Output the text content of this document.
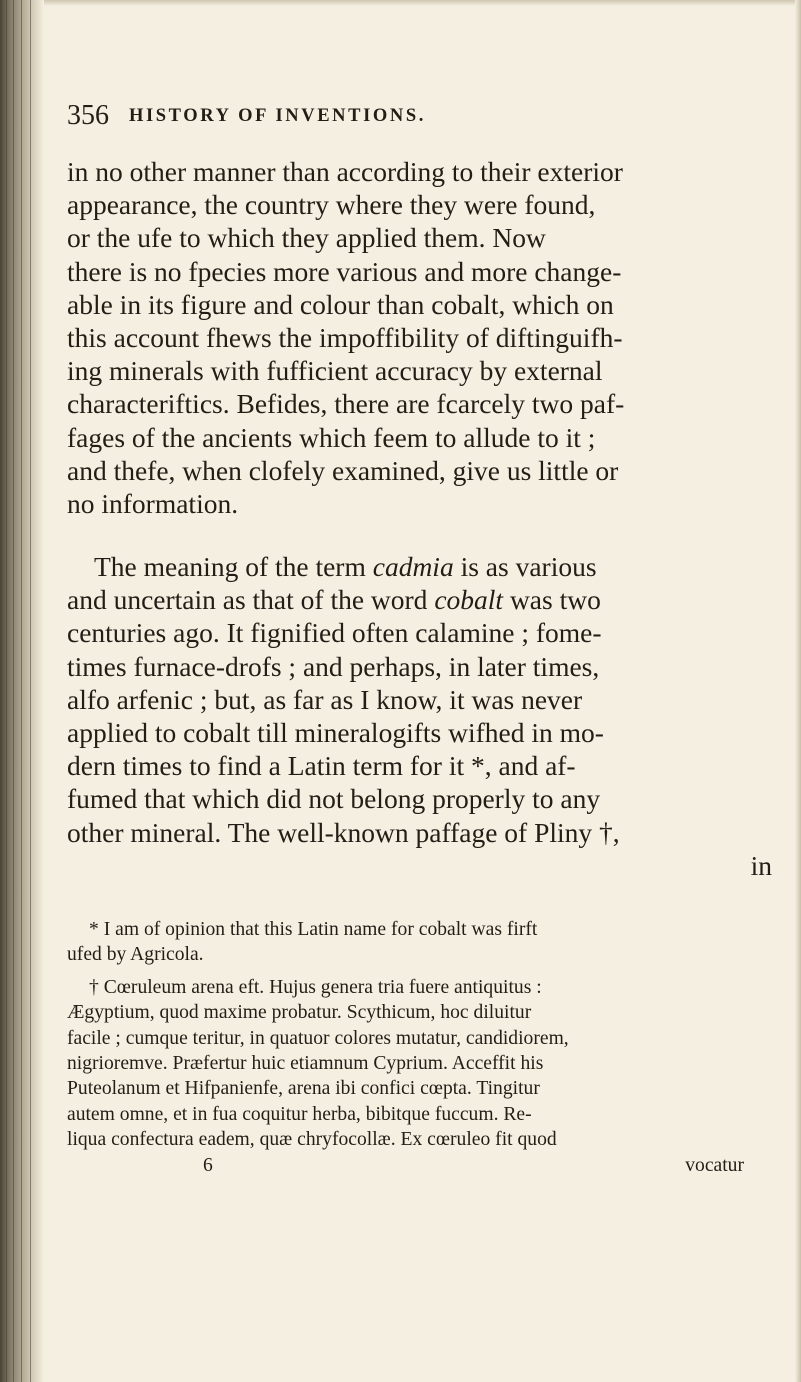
356 HISTORY OF INVENTIONS.
in no other manner than according to their exterior
appearance, the country where they were found,
or the ufe to which they applied them. Now
there is no fpecies more various and more change-
able in its figure and colour than cobalt, which on
this account fhews the impoffibility of diftinguifh-
ing minerals with fufficient accuracy by external
characteriftics. Befides, there are fcarcely two paf-
fages of the ancients which feem to allude to it ;
and thefe, when clofely examined, give us little or
no information.
The meaning of the term cadmia is as various
and uncertain as that of the word cobalt was two
centuries ago. It fignified often calamine ; fome-
times furnace-drofs ; and perhaps, in later times,
alfo arfenic ; but, as far as I know, it was never
applied to cobalt till mineralogifts wifhed in mo-
dern times to find a Latin term for it *, and af-
fumed that which did not belong properly to any
other mineral. The well-known paffage of Pliny †,
in
* I am of opinion that this Latin name for cobalt was firft
ufed by Agricola.
† Cœruleum arena eft. Hujus genera tria fuere antiquitus :
Ægyptium, quod maxime probatur. Scythicum, hoc diluitur
facile ; cumque teritur, in quatuor colores mutatur, candidiorem,
nigrioremve. Præfertur huic etiamnum Cyprium. Acceffit his
Puteolanum et Hifpanienfe, arena ibi confici cœpta. Tingitur
autem omne, et in fua coquitur herba, bibitque fuccum. Re-
liqua confectura eadem, quæ chryfocollæ. Ex cœruleo fit quod
6	vocatur
